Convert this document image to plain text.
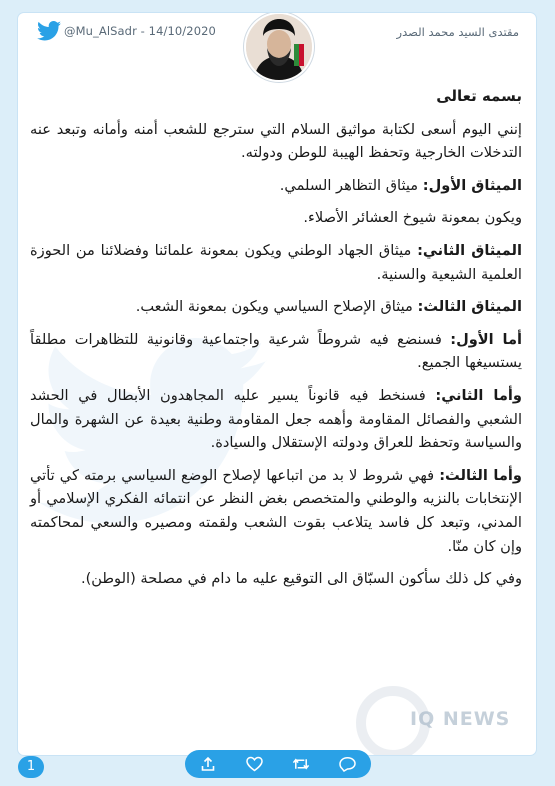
@Mu_AlSadr - 14/10/2020	مقتدى السيد محمد الصدر

بسمه تعالى

إنني اليوم أسعى لكتابة مواثيق السلام التي سترجع للشعب أمنه وأمانه وتبعد عنه التدخلات الخارجية وتحفظ الهيبة للوطن ودولته.

الميثاق الأول: ميثاق التظاهر السلمي.

ويكون بمعونة شيوخ العشائر الأصلاء.

الميثاق الثاني: ميثاق الجهاد الوطني ويكون بمعونة علمائنا وفضلائنا من الحوزة العلمية الشيعية والسنية.

الميثاق الثالث: ميثاق الإصلاح السياسي ويكون بمعونة الشعب.

أما الأول: فسنضع فيه شروطاً شرعية واجتماعية وقانونية للتظاهرات مطلقاً يستسيغها الجميع.

وأما الثاني: فسنخط فيه قانوناً يسير عليه المجاهدون الأبطال في الحشد الشعبي والفصائل المقاومة وأهمه جعل المقاومة وطنية بعيدة عن الشهرة والمال والسياسة وتحفظ للعراق ودولته الإستقلال والسيادة.

وأما الثالث: فهي شروط لا بد من اتباعها لإصلاح الوضع السياسي برمته كي تأتي الإنتخابات بالنزيه والوطني والمتخصص بغض النظر عن انتمائه الفكري الإسلامي أو المدني، وتبعد كل فاسد يتلاعب بقوت الشعب ولقمته ومصيره والسعي لمحاكمته وإن كان منّا.

وفي كل ذلك سأكون السبّاق الى التوقيع عليه ما دام في مصلحة (الوطن).

IQ NEWS
1
